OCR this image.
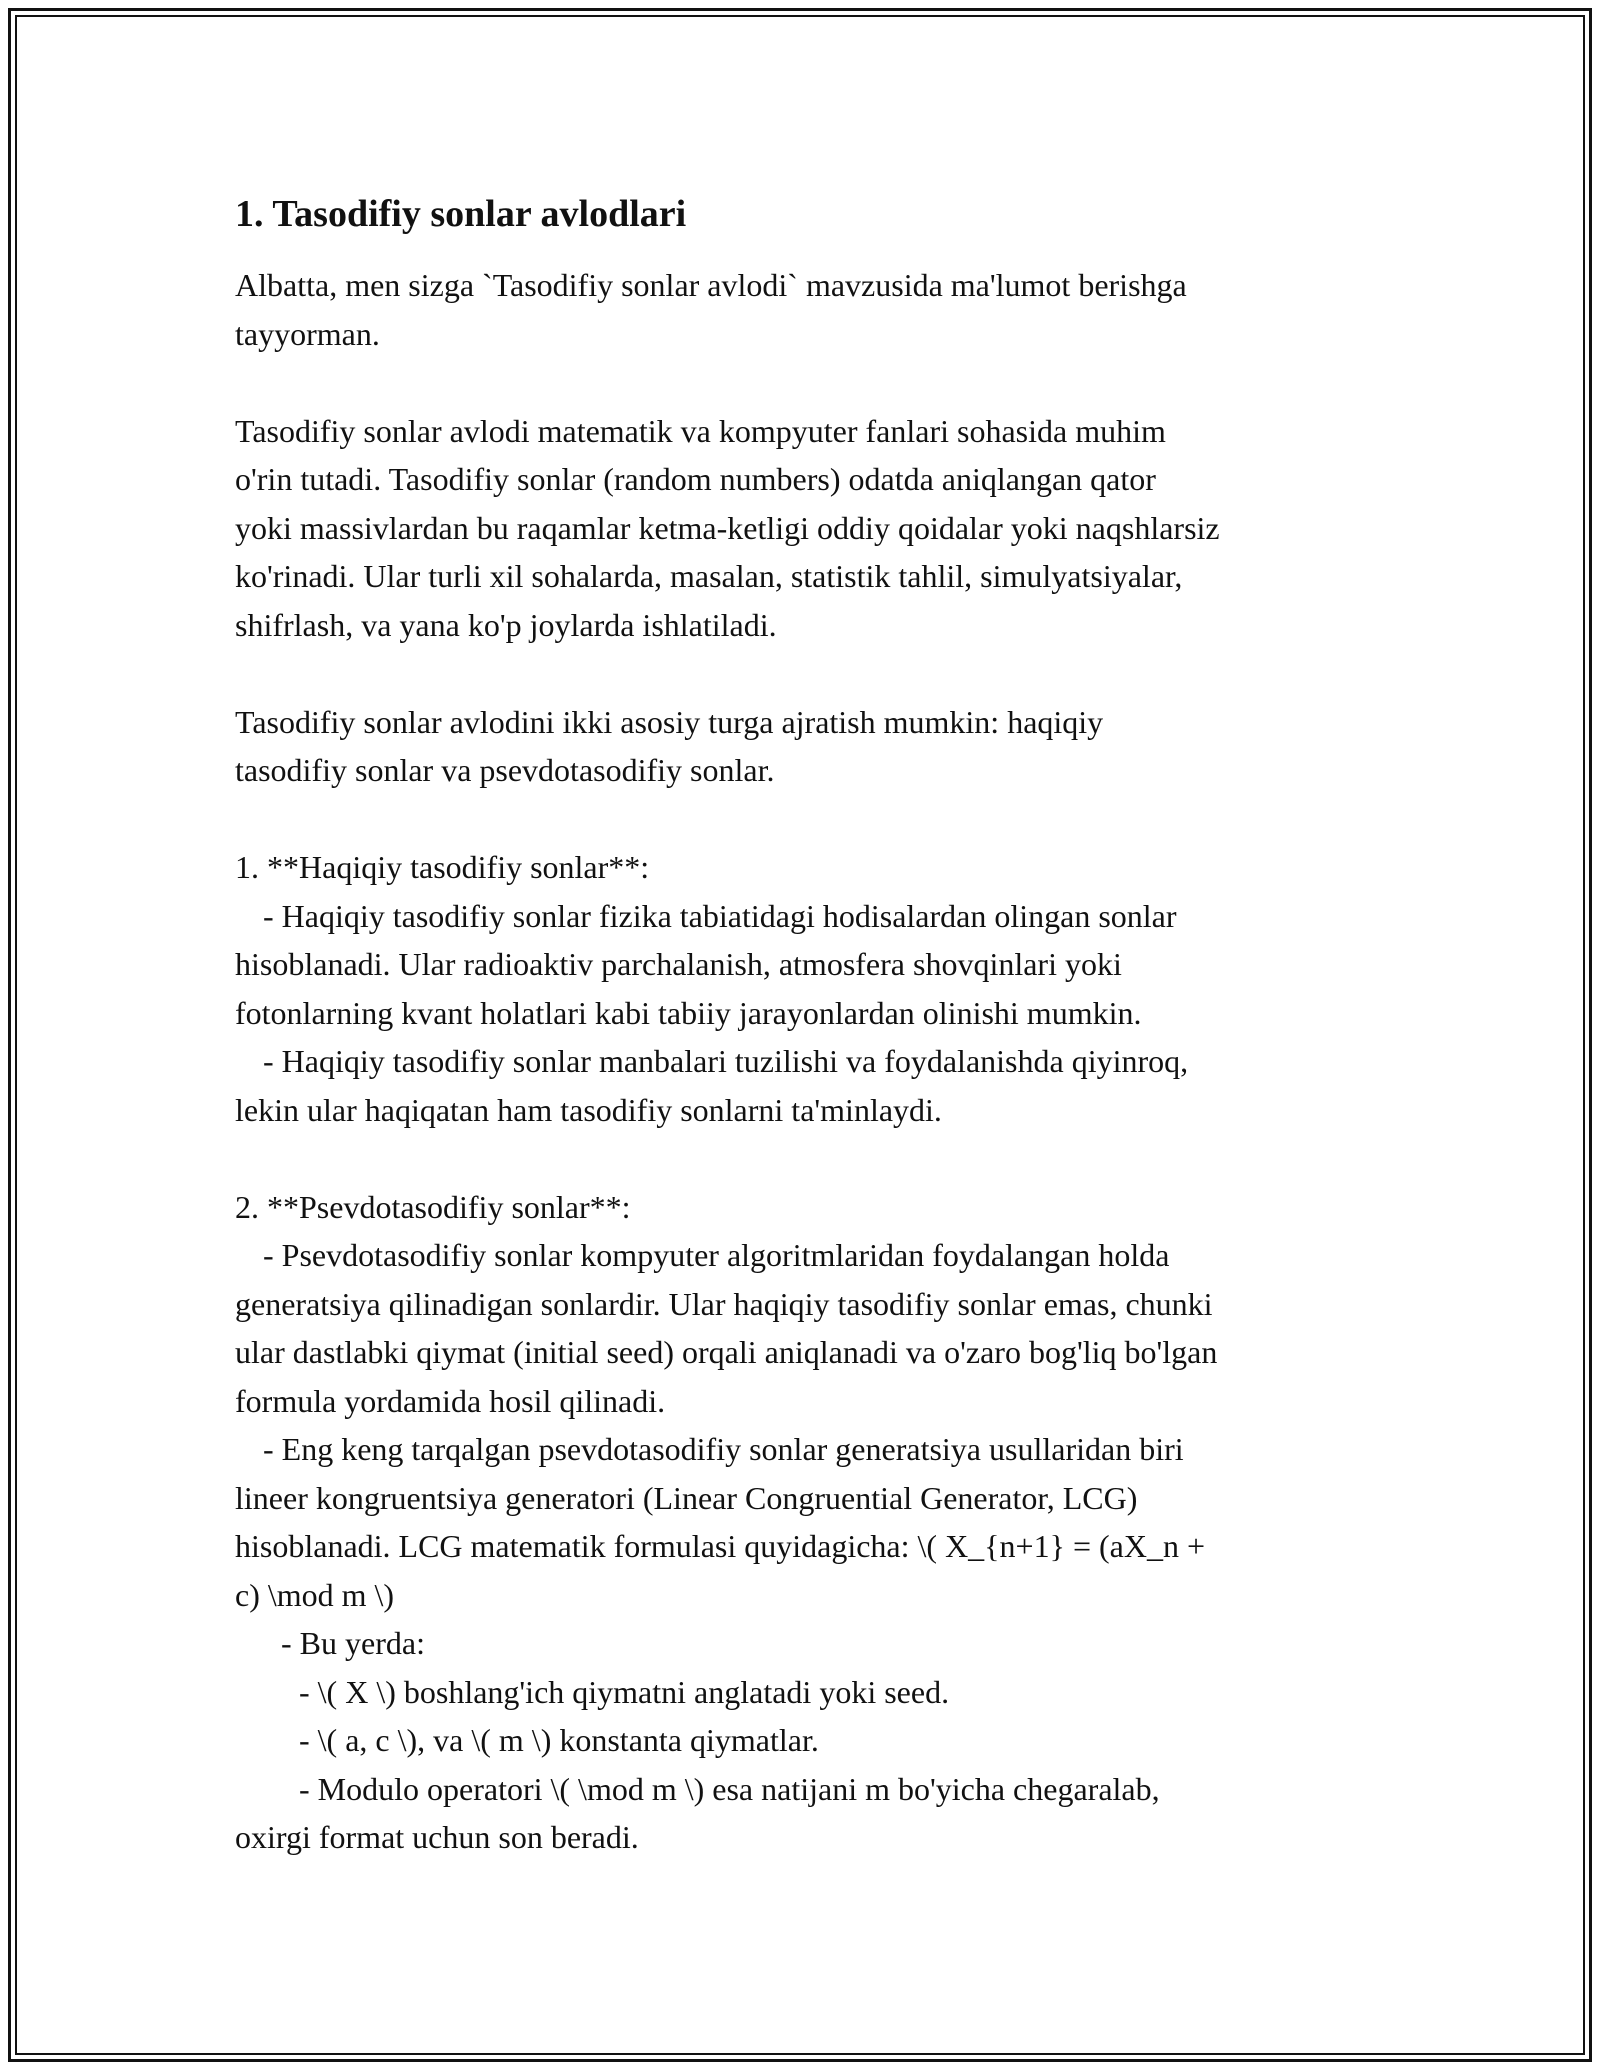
1. Tasodifiy sonlar avlodlari

Albatta, men sizga `Tasodifiy sonlar avlodi` mavzusida ma'lumot berishga
tayyorman.

Tasodifiy sonlar avlodi matematik va kompyuter fanlari sohasida muhim
o'rin tutadi. Tasodifiy sonlar (random numbers) odatda aniqlangan qator
yoki massivlardan bu raqamlar ketma-ketligi oddiy qoidalar yoki naqshlarsiz
ko'rinadi. Ular turli xil sohalarda, masalan, statistik tahlil, simulyatsiyalar,
shifrlash, va yana ko'p joylarda ishlatiladi.

Tasodifiy sonlar avlodini ikki asosiy turga ajratish mumkin: haqiqiy
tasodifiy sonlar va psevdotasodifiy sonlar.

1. **Haqiqiy tasodifiy sonlar**:
- Haqiqiy tasodifiy sonlar fizika tabiatidagi hodisalardan olingan sonlar
hisoblanadi. Ular radioaktiv parchalanish, atmosfera shovqinlari yoki
fotonlarning kvant holatlari kabi tabiiy jarayonlardan olinishi mumkin.
- Haqiqiy tasodifiy sonlar manbalari tuzilishi va foydalanishda qiyinroq,
lekin ular haqiqatan ham tasodifiy sonlarni ta'minlaydi.
2. **Psevdotasodifiy sonlar**:
- Psevdotasodifiy sonlar kompyuter algoritmlaridan foydalangan holda
generatsiya qilinadigan sonlardir. Ular haqiqiy tasodifiy sonlar emas, chunki
ular dastlabki qiymat (initial seed) orqali aniqlanadi va o'zaro bog'liq bo'lgan
formula yordamida hosil qilinadi.
- Eng keng tarqalgan psevdotasodifiy sonlar generatsiya usullaridan biri
lineer kongruentsiya generatori (Linear Congruential Generator, LCG)
hisoblanadi. LCG matematik formulasi quyidagicha: \( X_{n+1} = (aX_n +
c) \mod m \)
- Bu yerda:
- \( X \) boshlang'ich qiymatni anglatadi yoki seed.
- \( a, c \), va \( m \) konstanta qiymatlar.
- Modulo operatori \( \mod m \) esa natijani m bo'yicha chegaralab,
oxirgi format uchun son beradi.
